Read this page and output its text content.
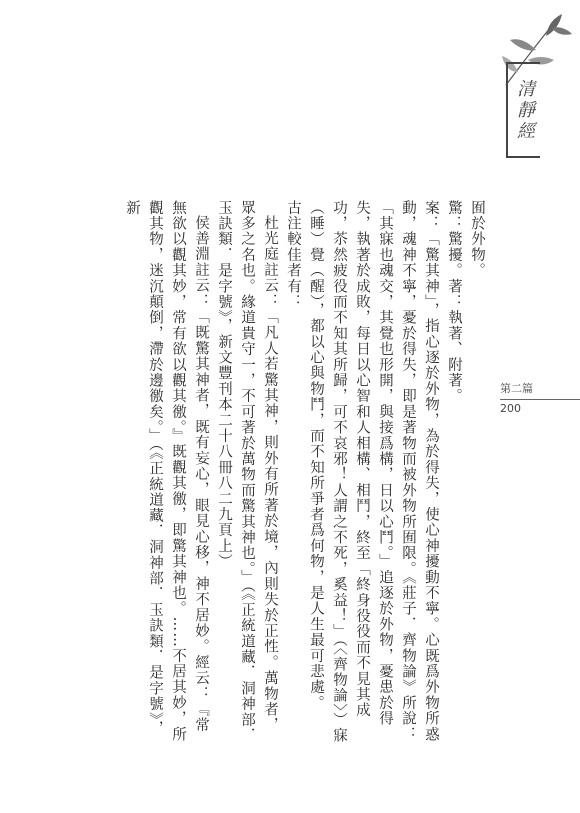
清靜經
第二篇
200

囿於外物。

驚：驚擾。著：執著、附著。

案：「驚其神」，指心逐於外物，為於得失，使心神擾動不寧。心既爲外物所惑動，魂神不寧，憂於得失，即是著物而被外物所囿限。《莊子．齊物論》所說：「其寐也魂交，其覺也形開，與接爲構，日以心鬥。」追逐於外物，憂患於得失，執著於成敗，每日以心智和人相構、相鬥，終至「終身役役而不見其成功，苶然疲役而不知其所歸，可不哀邪！人謂之不死，奚益！」（〈齊物論〉）寐（睡）覺（醒），都以心與物鬥，而不知所爭者爲何物，是人生最可悲處。

古注較佳者有：

杜光庭註云：「凡人若驚其神，則外有所著於境，內則失於正性。萬物者，眾多之名也。緣道貴守一，不可著於萬物而驚其神也。」（《正統道藏．洞神部．玉訣類．是字號》，新文豐刊本二十八冊八二九頁上）

侯善淵註云：「既驚其神者，既有妄心，眼見心移，神不居妙。經云：『常無欲以觀其妙，常有欲以觀其徼。』既觀其徼，即驚其神也。……不居其妙，所觀其物，迷沉顛倒，滯於邊徼矣。」（《正統道藏．洞神部．玉訣類．是字號》，新
